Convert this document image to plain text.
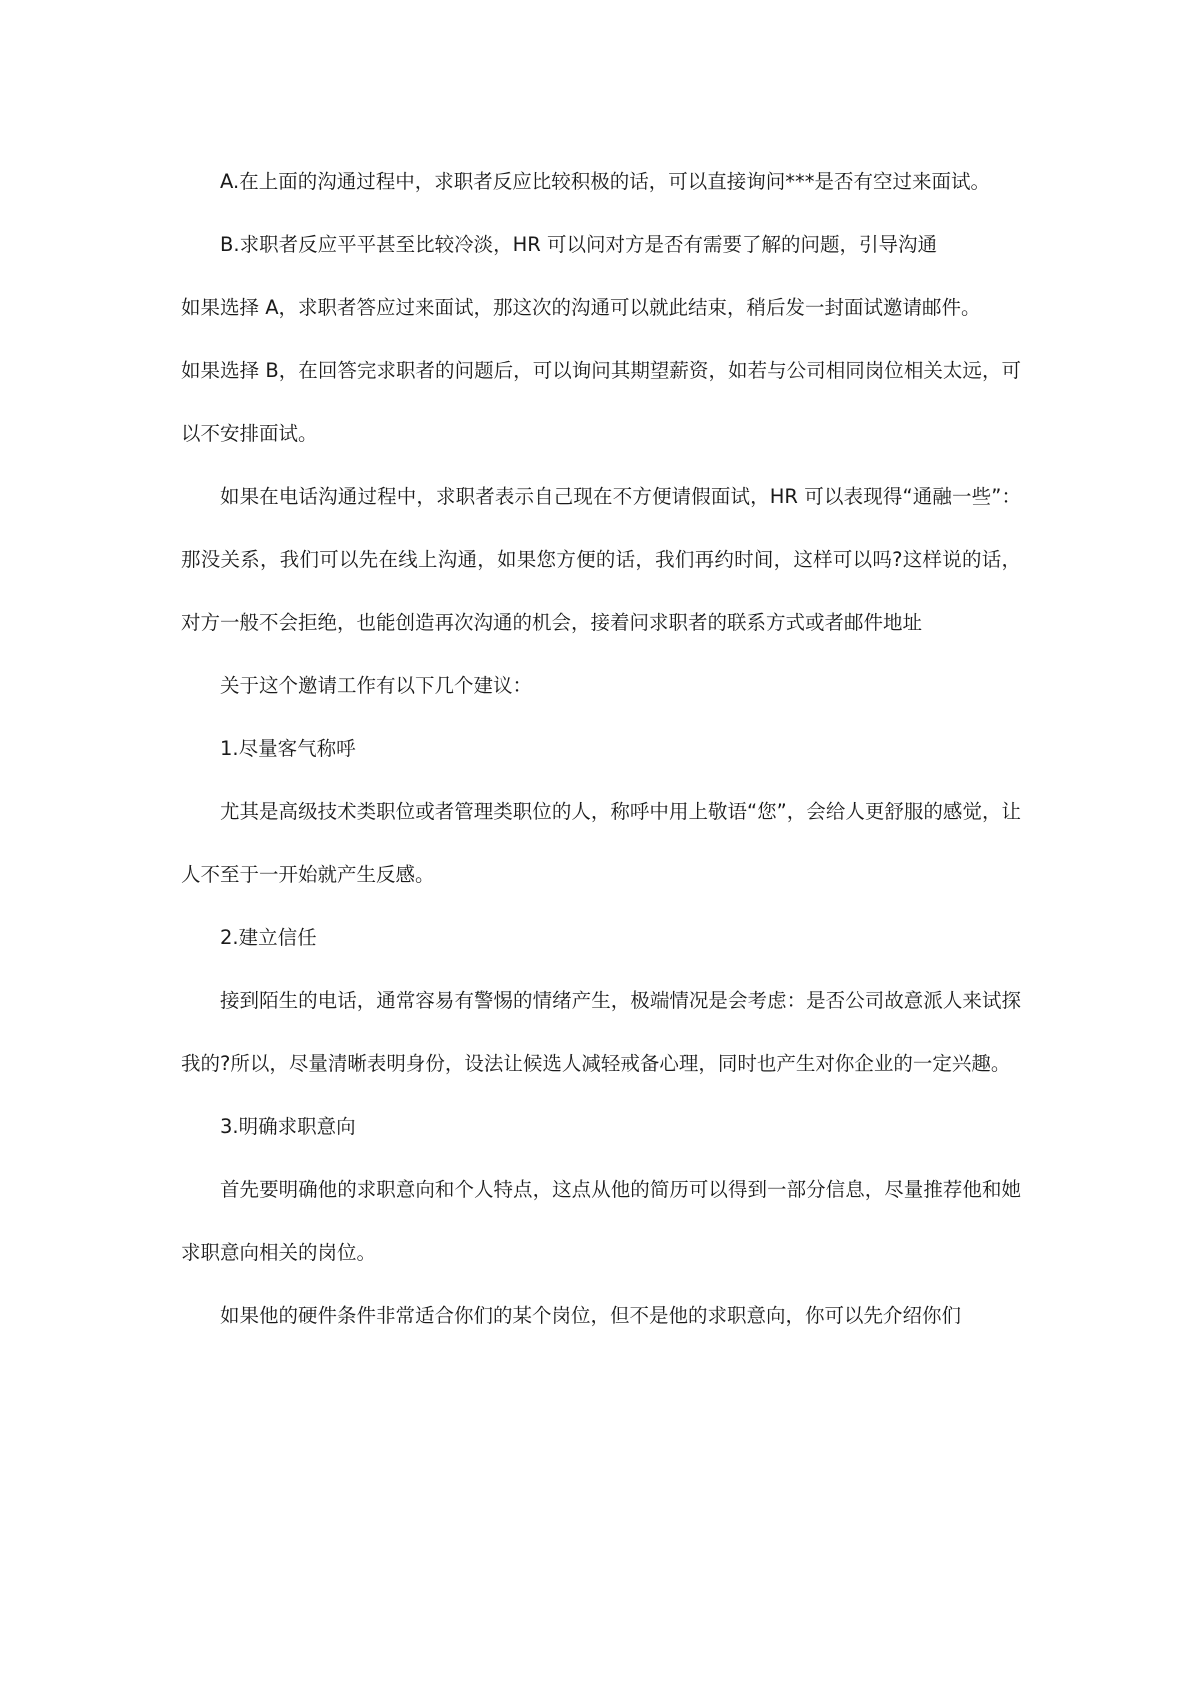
A.在上面的沟通过程中，求职者反应比较积极的话，可以直接询问***是否有空过来面试。

B.求职者反应平平甚至比较冷淡，HR 可以问对方是否有需要了解的问题，引导沟通

如果选择 A，求职者答应过来面试，那这次的沟通可以就此结束，稍后发一封面试邀请邮件。

如果选择 B，在回答完求职者的问题后，可以询问其期望薪资，如若与公司相同岗位相关太远，可以不安排面试。

如果在电话沟通过程中，求职者表示自己现在不方便请假面试，HR 可以表现得“通融一些”：那没关系，我们可以先在线上沟通，如果您方便的话，我们再约时间，这样可以吗?这样说的话，对方一般不会拒绝，也能创造再次沟通的机会，接着问求职者的联系方式或者邮件地址

关于这个邀请工作有以下几个建议：

1.尽量客气称呼

尤其是高级技术类职位或者管理类职位的人，称呼中用上敬语“您”，会给人更舒服的感觉，让人不至于一开始就产生反感。

2.建立信任

接到陌生的电话，通常容易有警惕的情绪产生，极端情况是会考虑：是否公司故意派人来试探我的?所以，尽量清晰表明身份，设法让候选人减轻戒备心理，同时也产生对你企业的一定兴趣。

3.明确求职意向

首先要明确他的求职意向和个人特点，这点从他的简历可以得到一部分信息，尽量推荐他和她求职意向相关的岗位。

如果他的硬件条件非常适合你们的某个岗位，但不是他的求职意向，你可以先介绍你们
